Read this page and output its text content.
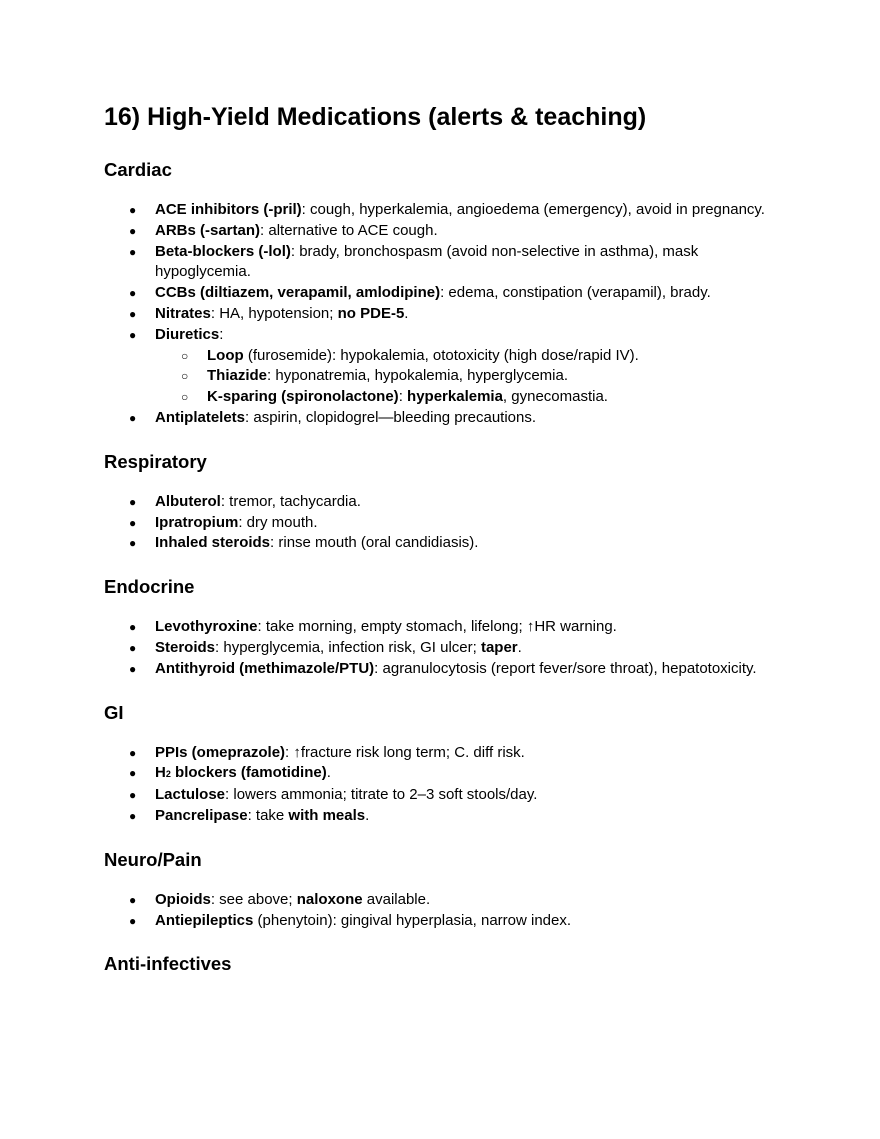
16) High‑Yield Medications (alerts & teaching)
Cardiac
● ACE inhibitors (‑pril): cough, hyperkalemia, angioedema (emergency), avoid in pregnancy.
● ARBs (‑sartan): alternative to ACE cough.
● Beta‑blockers (‑lol): brady, bronchospasm (avoid non‑selective in asthma), mask hypoglycemia.
● CCBs (diltiazem, verapamil, amlodipine): edema, constipation (verapamil), brady.
● Nitrates: HA, hypotension; no PDE‑5.
● Diuretics:
○ Loop (furosemide): hypokalemia, ototoxicity (high dose/rapid IV).
○ Thiazide: hyponatremia, hypokalemia, hyperglycemia.
○ K‑sparing (spironolactone): hyperkalemia, gynecomastia.
● Antiplatelets: aspirin, clopidogrel—bleeding precautions.
Respiratory
● Albuterol: tremor, tachycardia.
● Ipratropium: dry mouth.
● Inhaled steroids: rinse mouth (oral candidiasis).
Endocrine
● Levothyroxine: take morning, empty stomach, lifelong; ↑HR warning.
● Steroids: hyperglycemia, infection risk, GI ulcer; taper.
● Antithyroid (methimazole/PTU): agranulocytosis (report fever/sore throat), hepatotoxicity.
GI
● PPIs (omeprazole): ↑fracture risk long term; C. diff risk.
● H2 blockers (famotidine).
● Lactulose: lowers ammonia; titrate to 2–3 soft stools/day.
● Pancrelipase: take with meals.
Neuro/Pain
● Opioids: see above; naloxone available.
● Antiepileptics (phenytoin): gingival hyperplasia, narrow index.
Anti‑infectives
